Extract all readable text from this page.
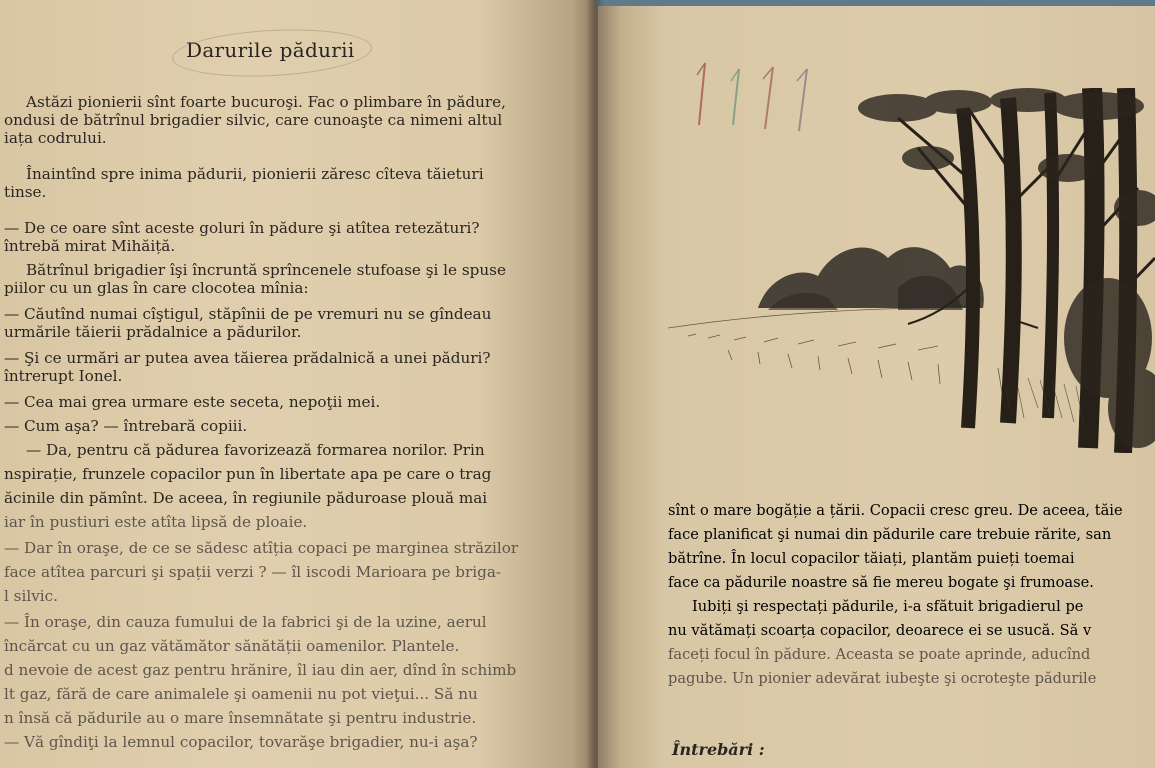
Darurile pădurii
Astăzi pionierii sînt foarte bucuroşi. Fac o plimbare în pădure,
ondusi de bătrînul brigadier silvic, care cunoaşte ca nimeni altul
iața codrului.
Înaintînd spre inima pădurii, pionierii zăresc cîteva tăieturi
tinse.
— De ce oare sînt aceste goluri în pădure şi atîtea retezături?
întrebă mirat Mihăiță.
Bătrînul brigadier îşi încruntă sprîncenele stufoase şi le spuse
piilor cu un glas în care clocotea mînia:
— Căutînd numai cîştigul, stăpînii de pe vremuri nu se gîndeau
urmările tăierii prădalnice a pădurilor.
— Şi ce urmări ar putea avea tăierea prădalnică a unei păduri?
întrerupt Ionel.
— Cea mai grea urmare este seceta, nepoţii mei.
— Cum aşa? — întrebară copiii.
— Da, pentru că pădurea favorizează formarea norilor. Prin
nspirație, frunzele copacilor pun în libertate apa pe care o trag
ăcinile din pămînt. De aceea, în regiunile păduroase plouă mai
iar în pustiuri este atîta lipsă de ploaie.
— Dar în oraşe, de ce se sădesc atîția copaci pe marginea străzilor
face atîtea parcuri şi spații verzi ? — îl iscodi Marioara pe briga-
l silvic.
— În oraşe, din cauza fumului de la fabrici şi de la uzine, aerul
încărcat cu un gaz vătămător sănătății oamenilor. Plantele.
d nevoie de acest gaz pentru hrănire, îl iau din aer, dînd în schimb
lt gaz, fără de care animalele şi oamenii nu pot vieţui... Să nu
n însă că pădurile au o mare însemnătate şi pentru industrie.
— Vă gîndiţi la lemnul copacilor, tovarăşe brigadier, nu-i aşa?
sînt o mare bogăție a țării. Copacii cresc greu. De aceea, tăie
face planificat şi numai din pădurile care trebuie rărite, san
bătrîne. În locul copacilor tăiați, plantăm puieți toemai
face ca pădurile noastre să fie mereu bogate şi frumoase.
Iubiți şi respectați pădurile, i-a sfătuit brigadierul pe
nu vătămați scoarța copacilor, deoarece ei se usucă. Să v
faceți focul în pădure. Aceasta se poate aprinde, aducînd
pagube. Un pionier adevărat iubeşte şi ocroteşte pădurile
Întrebări :
